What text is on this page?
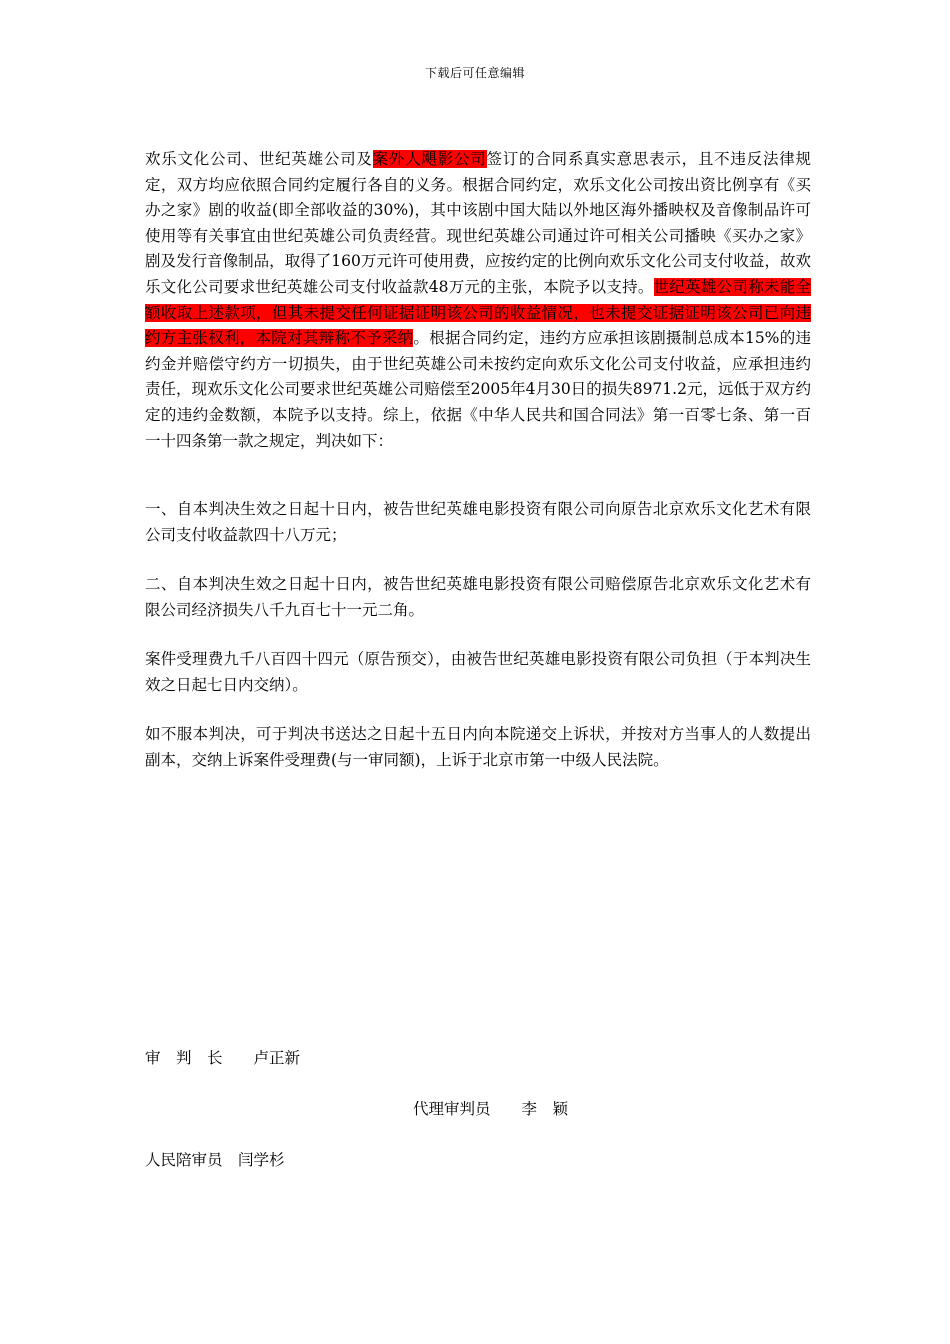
下载后可任意编辑
欢乐文化公司、世纪英雄公司及案外人飓影公司签订的合同系真实意思表示，且不违反法律规定，双方均应依照合同约定履行各自的义务。根据合同约定，欢乐文化公司按出资比例享有《买办之家》剧的收益(即全部收益的30%)，其中该剧中国大陆以外地区海外播映权及音像制品许可使用等有关事宜由世纪英雄公司负责经营。现世纪英雄公司通过许可相关公司播映《买办之家》剧及发行音像制品，取得了160万元许可使用费，应按约定的比例向欢乐文化公司支付收益，故欢乐文化公司要求世纪英雄公司支付收益款48万元的主张，本院予以支持。世纪英雄公司称未能全额收取上述款项，但其未提交任何证据证明该公司的收益情况，也未提交证据证明该公司已向违约方主张权利，本院对其辩称不予采纳。根据合同约定，违约方应承担该剧摄制总成本15%的违约金并赔偿守约方一切损失，由于世纪英雄公司未按约定向欢乐文化公司支付收益，应承担违约责任，现欢乐文化公司要求世纪英雄公司赔偿至2005年4月30日的损失8971.2元，远低于双方约定的违约金数额，本院予以支持。综上，依据《中华人民共和国合同法》第一百零七条、第一百一十四条第一款之规定，判决如下：
一、自本判决生效之日起十日内，被告世纪英雄电影投资有限公司向原告北京欢乐文化艺术有限公司支付收益款四十八万元；
二、自本判决生效之日起十日内，被告世纪英雄电影投资有限公司赔偿原告北京欢乐文化艺术有限公司经济损失八千九百七十一元二角。
案件受理费九千八百四十四元（原告预交），由被告世纪英雄电影投资有限公司负担（于本判决生效之日起七日内交纳）。
如不服本判决，可于判决书送达之日起十五日内向本院递交上诉状，并按对方当事人的人数提出副本，交纳上诉案件受理费(与一审同额)，上诉于北京市第一中级人民法院。
审　判　长　　卢正新
代理审判员　　李　颖
人民陪审员　闫学杉
